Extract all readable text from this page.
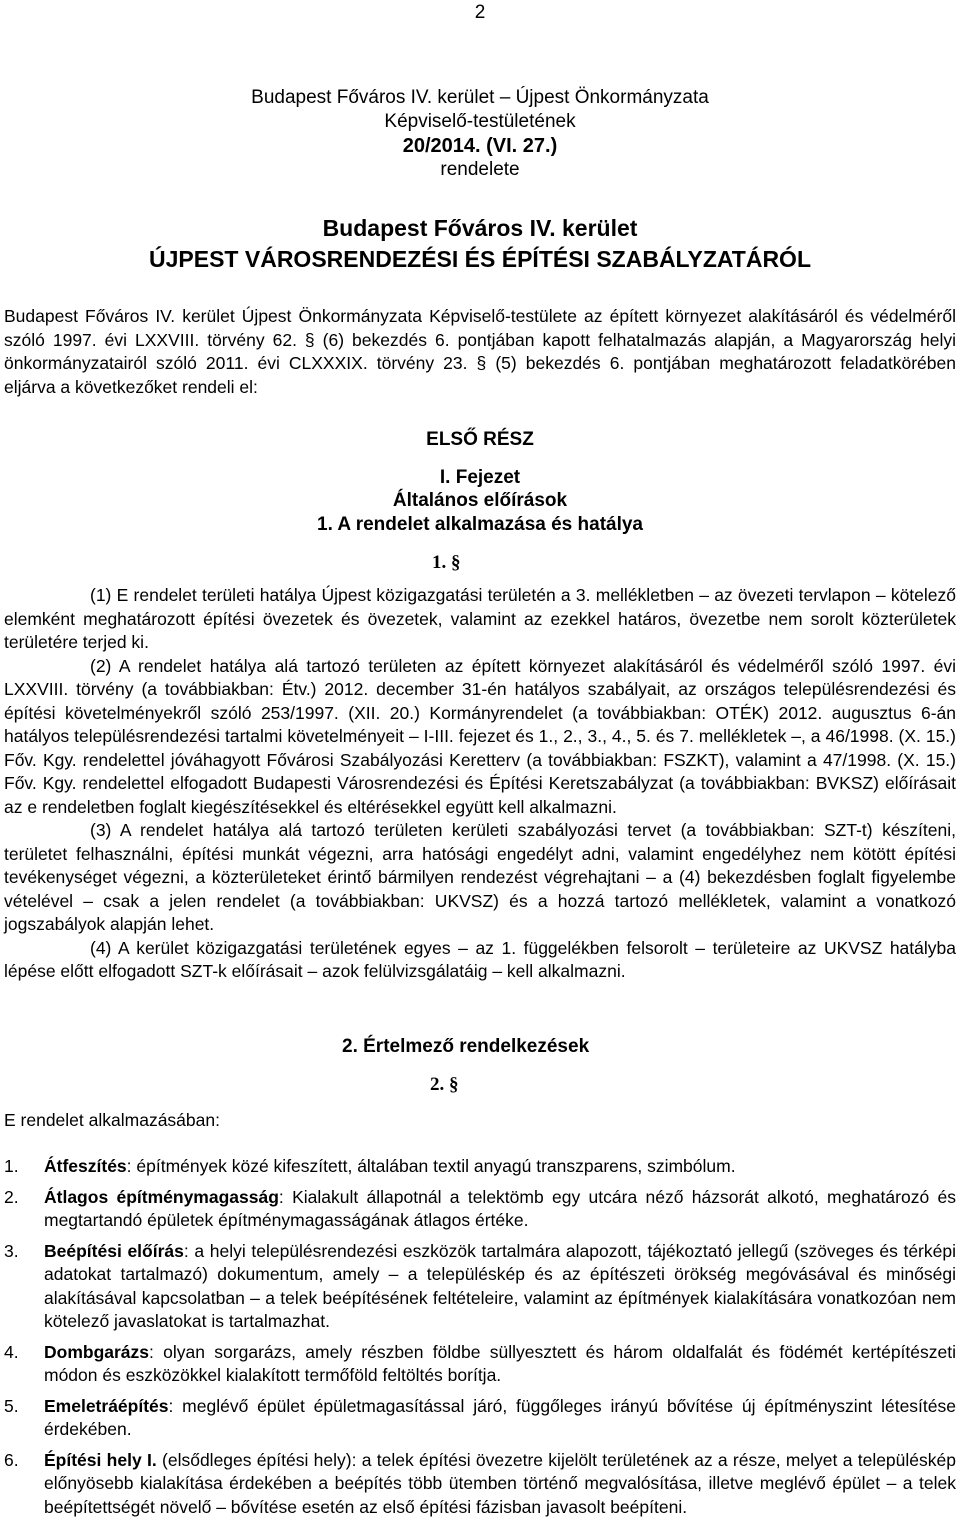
2
Budapest Főváros IV. kerület – Újpest Önkormányzata
Képviselő-testületének
20/2014. (VI. 27.)
rendelete
Budapest Főváros IV. kerület
ÚJPEST VÁROSRENDEZÉSI ÉS ÉPÍTÉSI SZABÁLYZATÁRÓL
Budapest Főváros IV. kerület Újpest Önkormányzata Képviselő-testülete az épített környezet alakításáról és védelméről szóló 1997. évi LXXVIII. törvény 62. § (6) bekezdés 6. pontjában kapott felhatalmazás alapján, a Magyarország helyi önkormányzatairól szóló 2011. évi CLXXXIX. törvény 23. § (5) bekezdés 6. pontjában meghatározott feladatkörében eljárva a következőket rendeli el:
ELSŐ RÉSZ
I. Fejezet
Általános előírások
1. A rendelet alkalmazása és hatálya
1. §

(1) E rendelet területi hatálya Újpest közigazgatási területén a 3. mellékletben – az övezeti tervlapon – kötelező elemként meghatározott építési övezetek és övezetek, valamint az ezekkel határos, övezetbe nem sorolt közterületek területére terjed ki.

(2) A rendelet hatálya alá tartozó területen az épített környezet alakításáról és védelméről szóló 1997. évi LXXVIII. törvény (a továbbiakban: Étv.) 2012. december 31-én hatályos szabályait, az országos településrendezési és építési követelményekről szóló 253/1997. (XII. 20.) Kormányrendelet (a továbbiakban: OTÉK) 2012. augusztus 6-án hatályos településrendezési tartalmi követelményeit – I-III. fejezet és 1., 2., 3., 4., 5. és 7. mellékletek –, a 46/1998. (X. 15.) Főv. Kgy. rendelettel jóváhagyott Fővárosi Szabályozási Keretterv (a továbbiakban: FSZKT), valamint a 47/1998. (X. 15.) Főv. Kgy. rendelettel elfogadott Budapesti Városrendezési és Építési Keretszabályzat (a továbbiakban: BVKSZ) előírásait az e rendeletben foglalt kiegészítésekkel és eltérésekkel együtt kell alkalmazni.

(3) A rendelet hatálya alá tartozó területen kerületi szabályozási tervet (a továbbiakban: SZT-t) készíteni, területet felhasználni, építési munkát végezni, arra hatósági engedélyt adni, valamint engedélyhez nem kötött építési tevékenységet végezni, a közterületeket érintő bármilyen rendezést végrehajtani – a (4) bekezdésben foglalt figyelembe vételével – csak a jelen rendelet (a továbbiakban: UKVSZ) és a hozzá tartozó mellékletek, valamint a vonatkozó jogszabályok alapján lehet.

(4) A kerület közigazgatási területének egyes – az 1. függelékben felsorolt – területeire az UKVSZ hatályba lépése előtt elfogadott SZT-k előírásait – azok felülvizsgálatáig – kell alkalmazni.

2. Értelmező rendelkezések
2. §
E rendelet alkalmazásában:
1. Átfeszítés: építmények közé kifeszített, általában textil anyagú transzparens, szimbólum.
2. Átlagos építménymagasság: Kialakult állapotnál a telektömb egy utcára néző házsorát alkotó, meghatározó és megtartandó épületek építménymagasságának átlagos értéke.
3. Beépítési előírás: a helyi településrendezési eszközök tartalmára alapozott, tájékoztató jellegű (szöveges és térképi adatokat tartalmazó) dokumentum, amely – a településkép és az építészeti örökség megóvásával és minőségi alakításával kapcsolatban – a telek beépítésének feltételeire, valamint az építmények kialakítására vonatkozóan nem kötelező javaslatokat is tartalmazhat.
4. Dombgarázs: olyan sorgarázs, amely részben földbe süllyesztett és három oldalfalát és födémét kertépítészeti módon és eszközökkel kialakított termőföld feltöltés borítja.
5. Emeletráépítés: meglévő épület épületmagasítással járó, függőleges irányú bővítése új építményszint létesítése érdekében.
6. Építési hely I. (elsődleges építési hely): a telek építési övezetre kijelölt területének az a része, melyet a településkép előnyösebb kialakítása érdekében a beépítés több ütemben történő megvalósítása, illetve meglévő épület – a telek beépítettségét növelő – bővítése esetén az első építési fázisban javasolt beépíteni.
